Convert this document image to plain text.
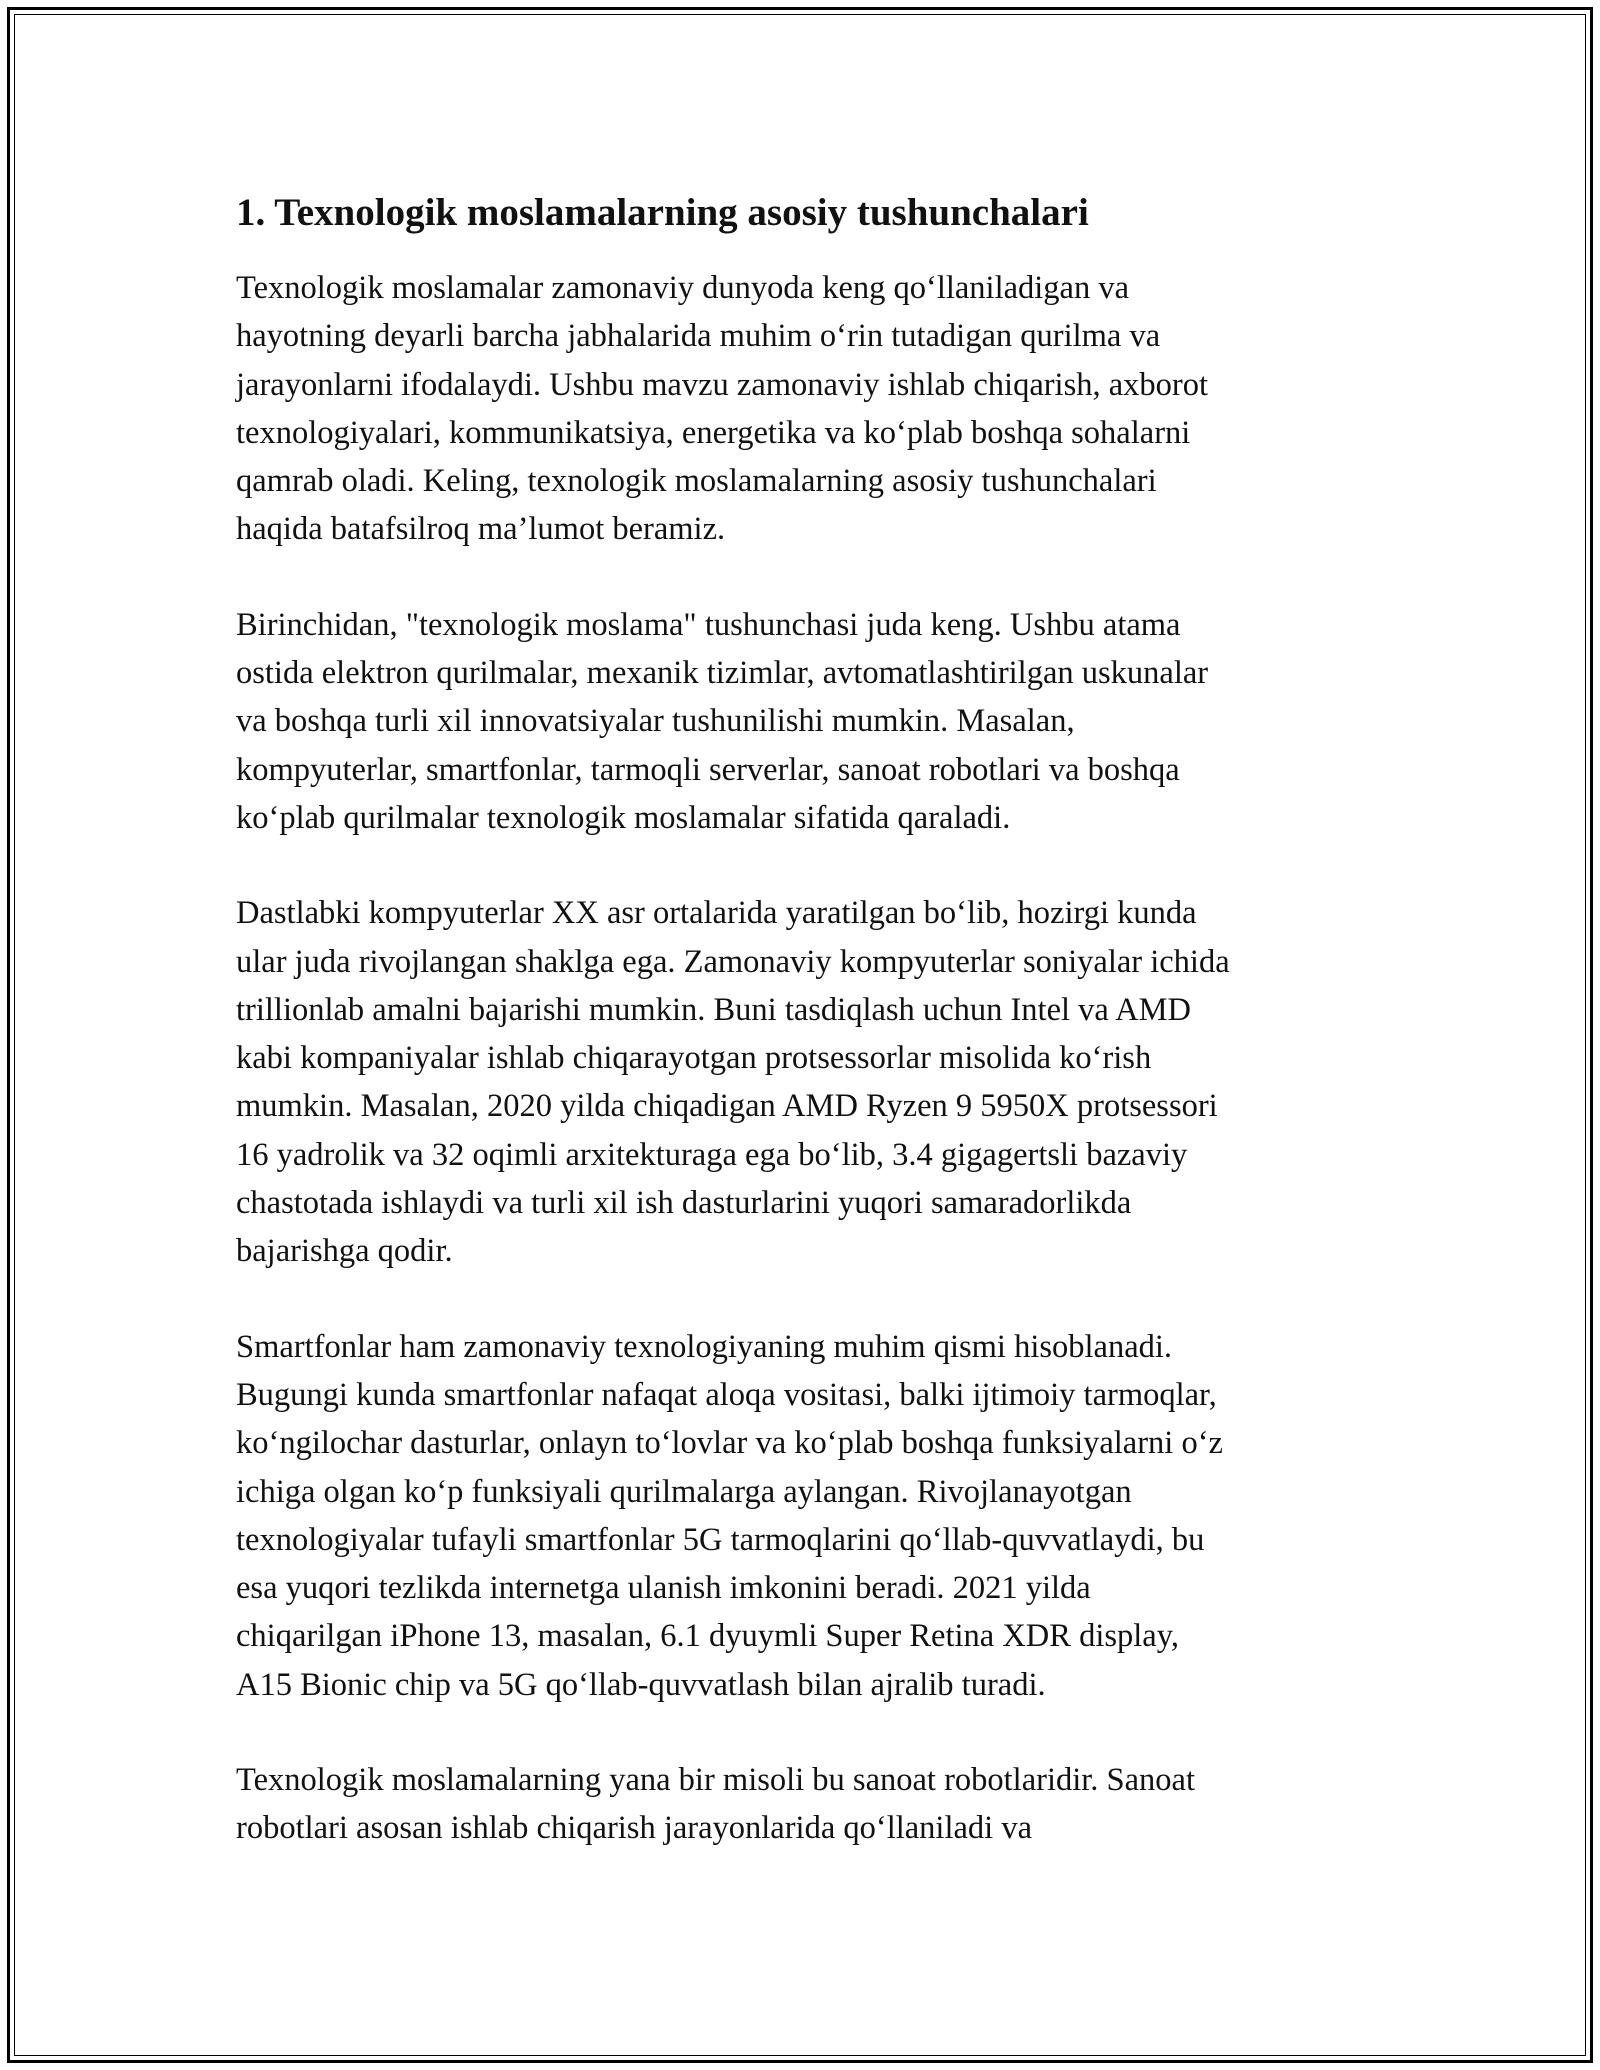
1. Texnologik moslamalarning asosiy tushunchalari

Texnologik moslamalar zamonaviy dunyoda keng qo‘llaniladigan va
hayotning deyarli barcha jabhalarida muhim o‘rin tutadigan qurilma va
jarayonlarni ifodalaydi. Ushbu mavzu zamonaviy ishlab chiqarish, axborot
texnologiyalari, kommunikatsiya, energetika va ko‘plab boshqa sohalarni
qamrab oladi. Keling, texnologik moslamalarning asosiy tushunchalari
haqida batafsilroq ma’lumot beramiz.

Birinchidan, "texnologik moslama" tushunchasi juda keng. Ushbu atama
ostida elektron qurilmalar, mexanik tizimlar, avtomatlashtirilgan uskunalar
va boshqa turli xil innovatsiyalar tushunilishi mumkin. Masalan,
kompyuterlar, smartfonlar, tarmoqli serverlar, sanoat robotlari va boshqa
ko‘plab qurilmalar texnologik moslamalar sifatida qaraladi.

Dastlabki kompyuterlar XX asr ortalarida yaratilgan bo‘lib, hozirgi kunda
ular juda rivojlangan shaklga ega. Zamonaviy kompyuterlar soniyalar ichida
trillionlab amalni bajarishi mumkin. Buni tasdiqlash uchun Intel va AMD
kabi kompaniyalar ishlab chiqarayotgan protsessorlar misolida ko‘rish
mumkin. Masalan, 2020 yilda chiqadigan AMD Ryzen 9 5950X protsessori
16 yadrolik va 32 oqimli arxitekturaga ega bo‘lib, 3.4 gigagertsli bazaviy
chastotada ishlaydi va turli xil ish dasturlarini yuqori samaradorlikda
bajarishga qodir.

Smartfonlar ham zamonaviy texnologiyaning muhim qismi hisoblanadi.
Bugungi kunda smartfonlar nafaqat aloqa vositasi, balki ijtimoiy tarmoqlar,
ko‘ngilochar dasturlar, onlayn to‘lovlar va ko‘plab boshqa funksiyalarni o‘z
ichiga olgan ko‘p funksiyali qurilmalarga aylangan. Rivojlanayotgan
texnologiyalar tufayli smartfonlar 5G tarmoqlarini qo‘llab-quvvatlaydi, bu
esa yuqori tezlikda internetga ulanish imkonini beradi. 2021 yilda
chiqarilgan iPhone 13, masalan, 6.1 dyuymli Super Retina XDR display,
A15 Bionic chip va 5G qo‘llab-quvvatlash bilan ajralib turadi.

Texnologik moslamalarning yana bir misoli bu sanoat robotlaridir. Sanoat
robotlari asosan ishlab chiqarish jarayonlarida qo‘llaniladi va
